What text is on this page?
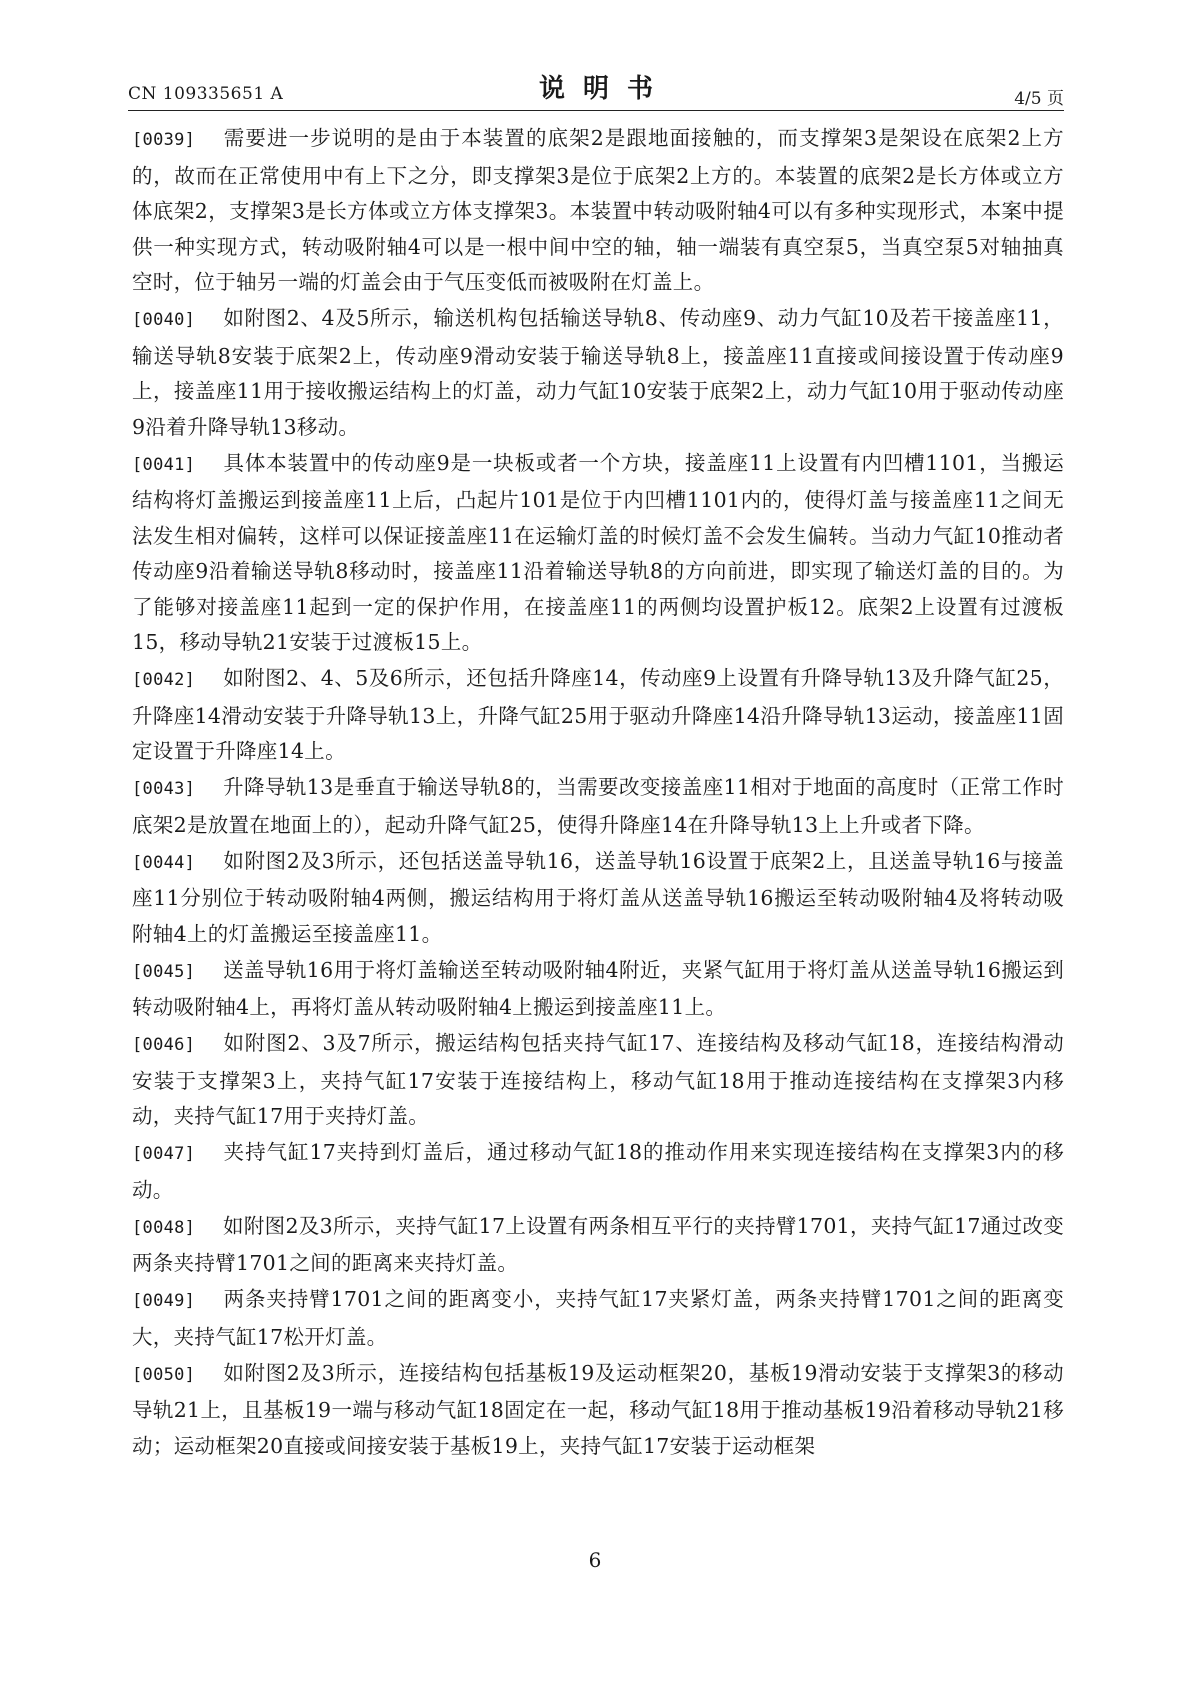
CN 109335651 A	说明书	4/5 页

[0039] 需要进一步说明的是由于本装置的底架2是跟地面接触的，而支撑架3是架设在底架2上方的，故而在正常使用中有上下之分，即支撑架3是位于底架2上方的。本装置的底架2是长方体或立方体底架2，支撑架3是长方体或立方体支撑架3。本装置中转动吸附轴4可以有多种实现形式，本案中提供一种实现方式，转动吸附轴4可以是一根中间中空的轴，轴一端装有真空泵5，当真空泵5对轴抽真空时，位于轴另一端的灯盖会由于气压变低而被吸附在灯盖上。

[0040] 如附图2、4及5所示，输送机构包括输送导轨8、传动座9、动力气缸10及若干接盖座11，输送导轨8安装于底架2上，传动座9滑动安装于输送导轨8上，接盖座11直接或间接设置于传动座9上，接盖座11用于接收搬运结构上的灯盖，动力气缸10安装于底架2上，动力气缸10用于驱动传动座9沿着升降导轨13移动。

[0041] 具体本装置中的传动座9是一块板或者一个方块，接盖座11上设置有内凹槽1101，当搬运结构将灯盖搬运到接盖座11上后，凸起片101是位于内凹槽1101内的，使得灯盖与接盖座11之间无法发生相对偏转，这样可以保证接盖座11在运输灯盖的时候灯盖不会发生偏转。当动力气缸10推动者传动座9沿着输送导轨8移动时，接盖座11沿着输送导轨8的方向前进，即实现了输送灯盖的目的。为了能够对接盖座11起到一定的保护作用，在接盖座11的两侧均设置护板12。底架2上设置有过渡板15，移动导轨21安装于过渡板15上。

[0042] 如附图2、4、5及6所示，还包括升降座14，传动座9上设置有升降导轨13及升降气缸25，升降座14滑动安装于升降导轨13上，升降气缸25用于驱动升降座14沿升降导轨13运动，接盖座11固定设置于升降座14上。

[0043] 升降导轨13是垂直于输送导轨8的，当需要改变接盖座11相对于地面的高度时（正常工作时底架2是放置在地面上的），起动升降气缸25，使得升降座14在升降导轨13上上升或者下降。

[0044] 如附图2及3所示，还包括送盖导轨16，送盖导轨16设置于底架2上，且送盖导轨16与接盖座11分别位于转动吸附轴4两侧，搬运结构用于将灯盖从送盖导轨16搬运至转动吸附轴4及将转动吸附轴4上的灯盖搬运至接盖座11。

[0045] 送盖导轨16用于将灯盖输送至转动吸附轴4附近，夹紧气缸用于将灯盖从送盖导轨16搬运到转动吸附轴4上，再将灯盖从转动吸附轴4上搬运到接盖座11上。

[0046] 如附图2、3及7所示，搬运结构包括夹持气缸17、连接结构及移动气缸18，连接结构滑动安装于支撑架3上，夹持气缸17安装于连接结构上，移动气缸18用于推动连接结构在支撑架3内移动，夹持气缸17用于夹持灯盖。

[0047] 夹持气缸17夹持到灯盖后，通过移动气缸18的推动作用来实现连接结构在支撑架3内的移动。

[0048] 如附图2及3所示，夹持气缸17上设置有两条相互平行的夹持臂1701，夹持气缸17通过改变两条夹持臂1701之间的距离来夹持灯盖。

[0049] 两条夹持臂1701之间的距离变小，夹持气缸17夹紧灯盖，两条夹持臂1701之间的距离变大，夹持气缸17松开灯盖。

[0050] 如附图2及3所示，连接结构包括基板19及运动框架20，基板19滑动安装于支撑架3的移动导轨21上，且基板19一端与移动气缸18固定在一起，移动气缸18用于推动基板19沿着移动导轨21移动；运动框架20直接或间接安装于基板19上，夹持气缸17安装于运动框架

6
